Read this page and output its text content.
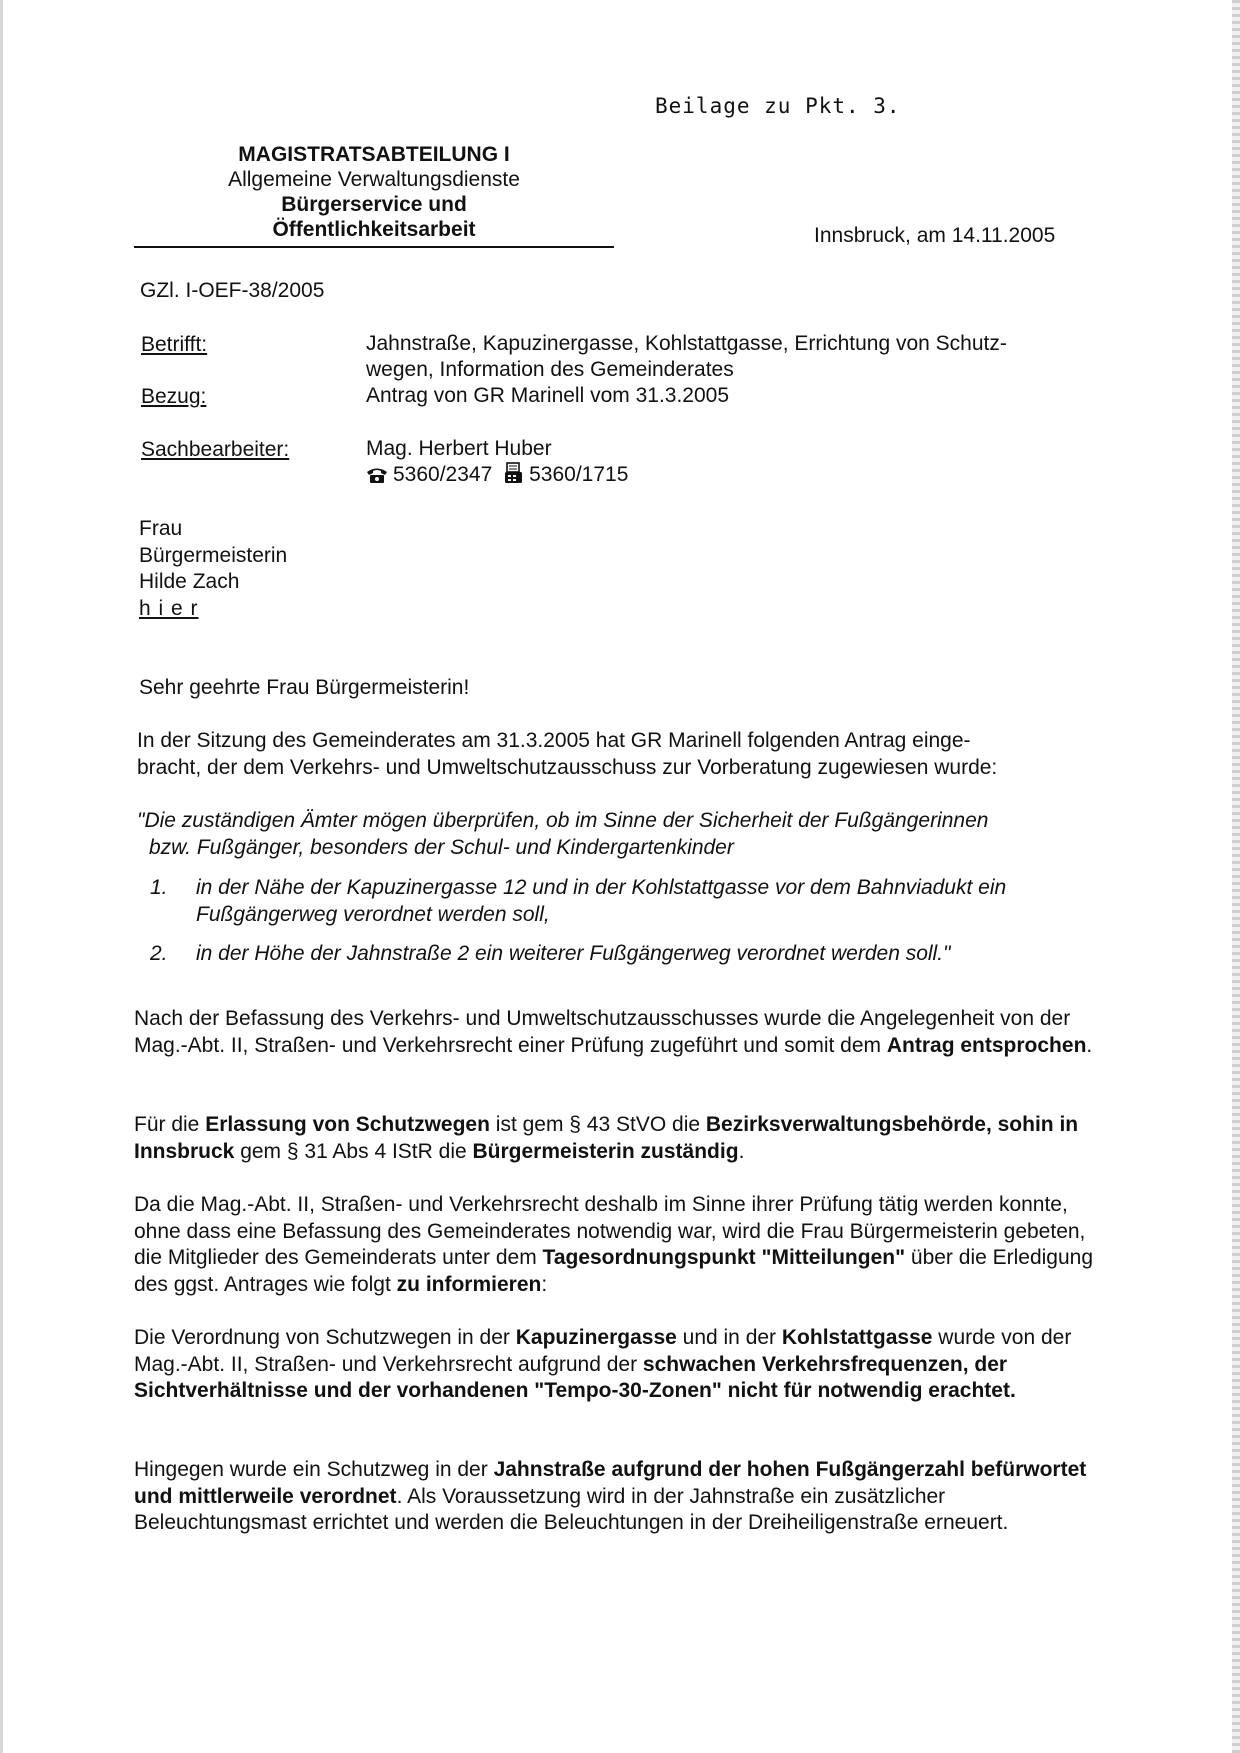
Beilage zu Pkt. 3.
MAGISTRATSABTEILUNG I
Allgemeine Verwaltungsdienste
Bürgerservice und
Öffentlichkeitsarbeit	Innsbruck, am 14.11.2005
GZl. I-OEF-38/2005
Betrifft:	Jahnstraße, Kapuzinergasse, Kohlstattgasse, Errichtung von Schutz-
wegen, Information des Gemeinderates
Bezug:	Antrag von GR Marinell vom 31.3.2005
Sachbearbeiter:	Mag. Herbert Huber
5360/2347 5360/1715
Frau
Bürgermeisterin
Hilde Zach
h i e r
Sehr geehrte Frau Bürgermeisterin!
In der Sitzung des Gemeinderates am 31.3.2005 hat GR Marinell folgenden Antrag einge-
bracht, der dem Verkehrs- und Umweltschutzausschuss zur Vorberatung zugewiesen wurde:
"Die zuständigen Ämter mögen überprüfen, ob im Sinne der Sicherheit der Fußgängerinnen
bzw. Fußgänger, besonders der Schul- und Kindergartenkinder
1. in der Nähe der Kapuzinergasse 12 und in der Kohlstattgasse vor dem Bahnviadukt ein
Fußgängerweg verordnet werden soll,
2. in der Höhe der Jahnstraße 2 ein weiterer Fußgängerweg verordnet werden soll."
Nach der Befassung des Verkehrs- und Umweltschutzausschusses wurde die Angelegenheit von der Mag.-Abt. II, Straßen- und Verkehrsrecht einer Prüfung zugeführt und somit dem Antrag entsprochen.
Für die Erlassung von Schutzwegen ist gem § 43 StVO die Bezirksverwaltungsbehörde, sohin in Innsbruck gem § 31 Abs 4 IStR die Bürgermeisterin zuständig.
Da die Mag.-Abt. II, Straßen- und Verkehrsrecht deshalb im Sinne ihrer Prüfung tätig werden konnte, ohne dass eine Befassung des Gemeinderates notwendig war, wird die Frau Bürgermeisterin gebeten, die Mitglieder des Gemeinderats unter dem Tagesordnungspunkt "Mitteilungen" über die Erledigung des ggst. Antrages wie folgt zu informieren:
Die Verordnung von Schutzwegen in der Kapuzinergasse und in der Kohlstattgasse wurde von der Mag.-Abt. II, Straßen- und Verkehrsrecht aufgrund der schwachen Verkehrsfrequenzen, der Sichtverhältnisse und der vorhandenen "Tempo-30-Zonen" nicht für notwendig erachtet.
Hingegen wurde ein Schutzweg in der Jahnstraße aufgrund der hohen Fußgängerzahl befürwortet und mittlerweile verordnet. Als Voraussetzung wird in der Jahnstraße ein zusätzlicher Beleuchtungsmast errichtet und werden die Beleuchtungen in der Dreiheiligenstraße erneuert.
